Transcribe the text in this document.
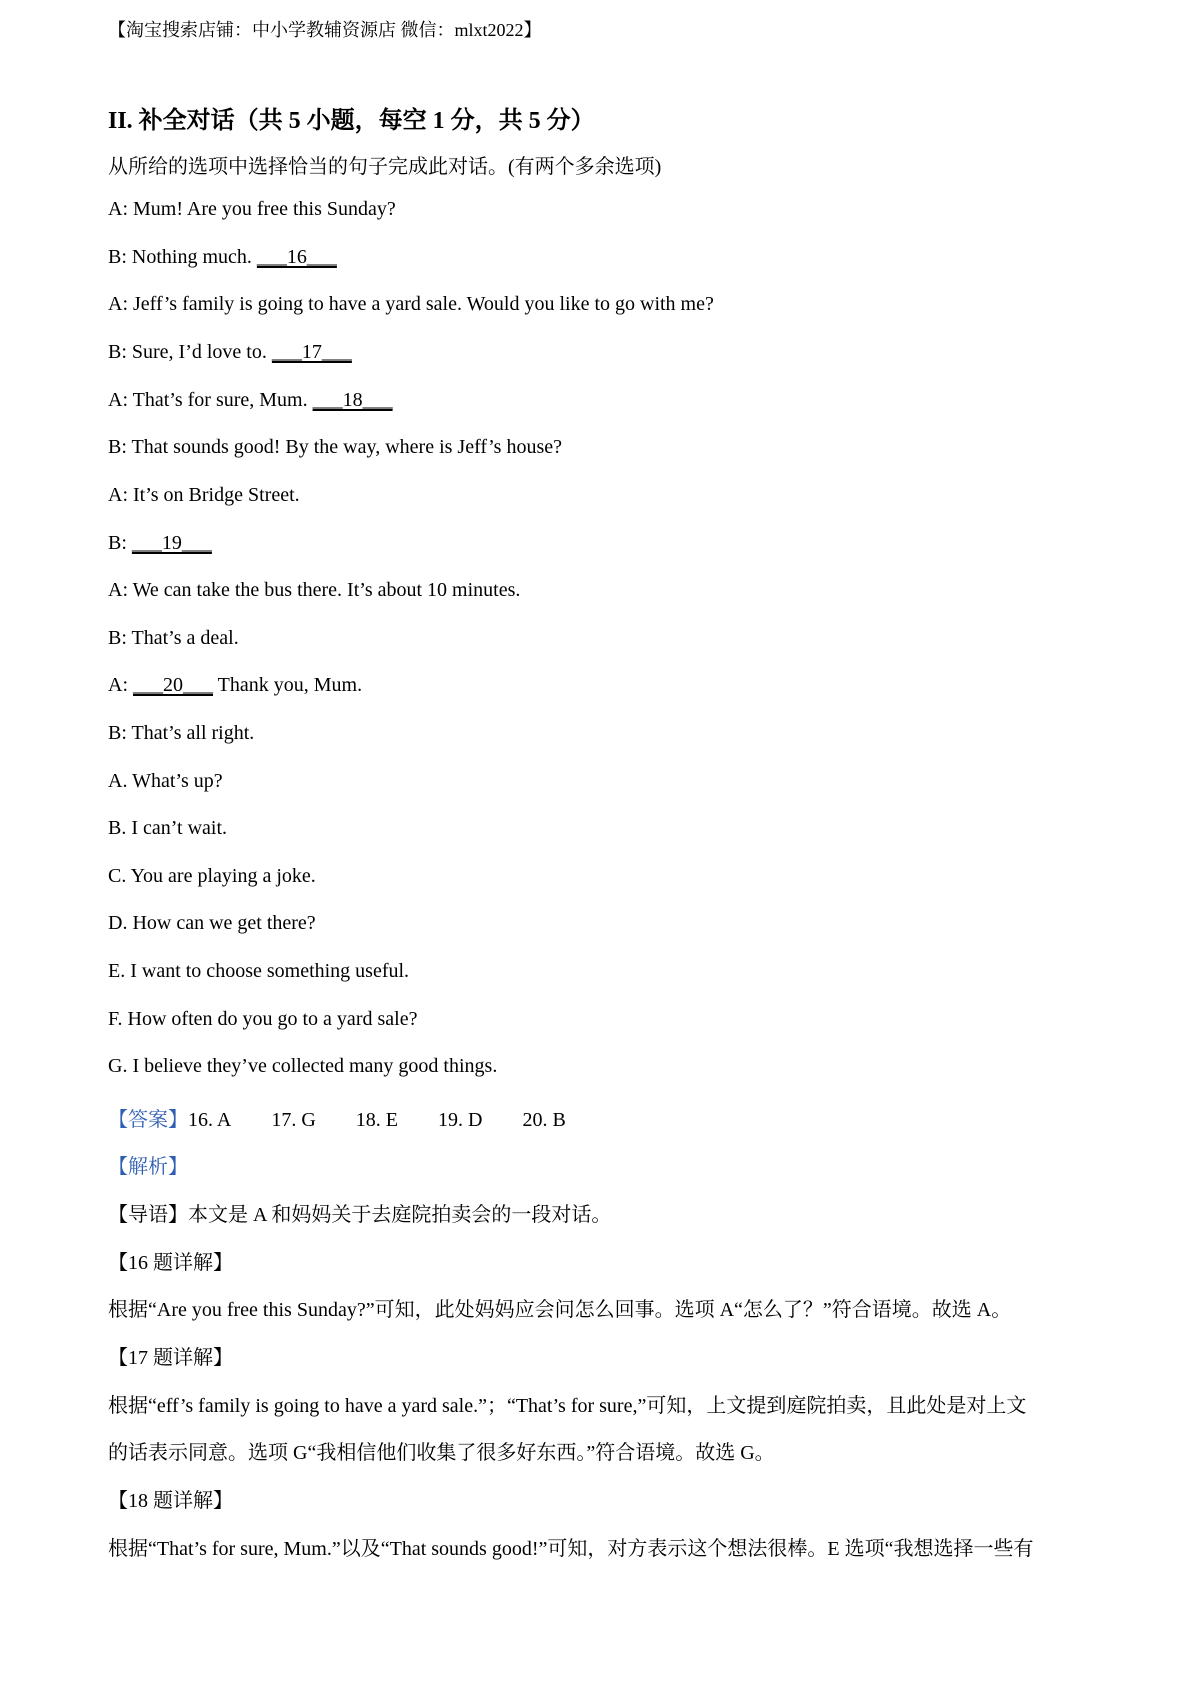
【淘宝搜索店铺：中小学教辅资源店 微信：mlxt2022】
II. 补全对话（共 5 小题，每空 1 分，共 5 分）
从所给的选项中选择恰当的句子完成此对话。(有两个多余选项)
A: Mum! Are you free this Sunday?
B: Nothing much. ___16___
A: Jeff’s family is going to have a yard sale. Would you like to go with me?
B: Sure, I’d love to. ___17___
A: That’s for sure, Mum. ___18___
B: That sounds good! By the way, where is Jeff’s house?
A: It’s on Bridge Street.
B: ___19___
A: We can take the bus there. It’s about 10 minutes.
B: That’s a deal.
A: ___20___ Thank you, Mum.
B: That’s all right.
A. What’s up?
B. I can’t wait.
C. You are playing a joke.
D. How can we get there?
E. I want to choose something useful.
F. How often do you go to a yard sale?
G. I believe they’ve collected many good things.
【答案】16. A 17. G 18. E 19. D 20. B
【解析】
【导语】本文是 A 和妈妈关于去庭院拍卖会的一段对话。
【16 题详解】
根据“Are you free this Sunday?”可知，此处妈妈应会问怎么回事。选项 A“怎么了？”符合语境。故选 A。
【17 题详解】
根据“eff’s family is going to have a yard sale.”；“That’s for sure,”可知，上文提到庭院拍卖，且此处是对上文
的话表示同意。选项 G“我相信他们收集了很多好东西。”符合语境。故选 G。
【18 题详解】
根据“That’s for sure, Mum.”以及“That sounds good!”可知，对方表示这个想法很棒。E 选项“我想选择一些有
